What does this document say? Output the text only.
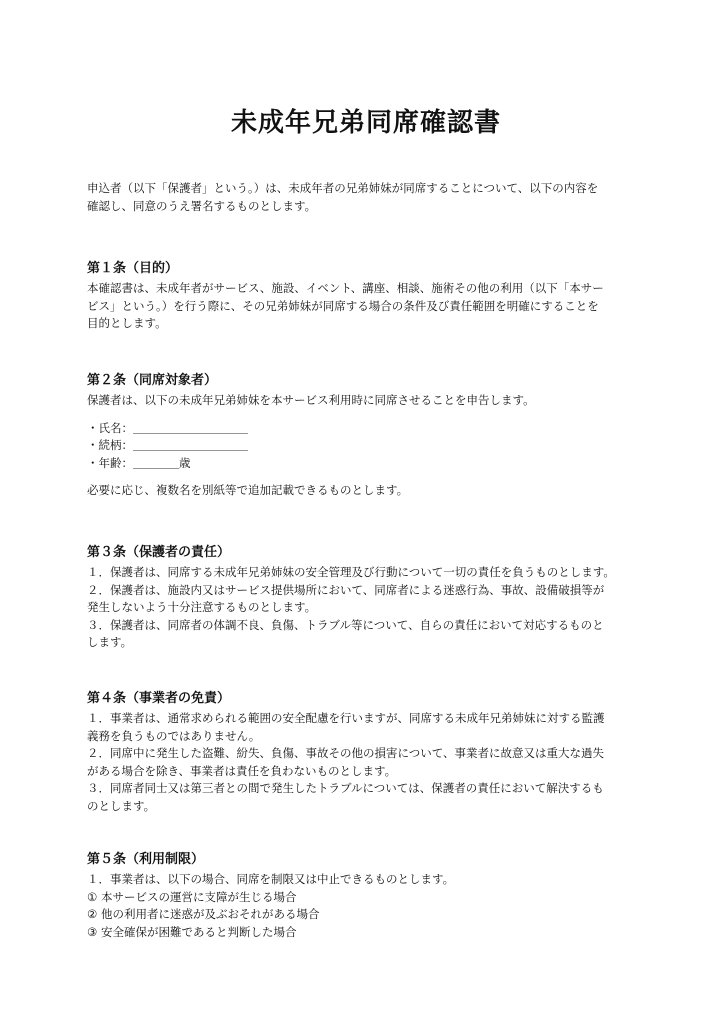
未成年兄弟同席確認書
申込者（以下「保護者」という。）は、未成年者の兄弟姉妹が同席することについて、以下の内容を
確認し、同意のうえ署名するものとします。
第１条（目的）
本確認書は、未成年者がサービス、施設、イベント、講座、相談、施術その他の利用（以下「本サー
ビス」という。）を行う際に、その兄弟姉妹が同席する場合の条件及び責任範囲を明確にすることを
目的とします。
第２条（同席対象者）
保護者は、以下の未成年兄弟姉妹を本サービス利用時に同席させることを申告します。
・氏名：＿＿＿＿＿＿＿＿＿＿
・続柄：＿＿＿＿＿＿＿＿＿＿
・年齢：＿＿＿＿歳
必要に応じ、複数名を別紙等で追加記載できるものとします。
第３条（保護者の責任）
１．保護者は、同席する未成年兄弟姉妹の安全管理及び行動について一切の責任を負うものとします。
２．保護者は、施設内又はサービス提供場所において、同席者による迷惑行為、事故、設備破損等が
発生しないよう十分注意するものとします。
３．保護者は、同席者の体調不良、負傷、トラブル等について、自らの責任において対応するものと
します。
第４条（事業者の免責）
１．事業者は、通常求められる範囲の安全配慮を行いますが、同席する未成年兄弟姉妹に対する監護
義務を負うものではありません。
２．同席中に発生した盗難、紛失、負傷、事故その他の損害について、事業者に故意又は重大な過失
がある場合を除き、事業者は責任を負わないものとします。
３．同席者同士又は第三者との間で発生したトラブルについては、保護者の責任において解決するも
のとします。
第５条（利用制限）
１．事業者は、以下の場合、同席を制限又は中止できるものとします。
① 本サービスの運営に支障が生じる場合
② 他の利用者に迷惑が及ぶおそれがある場合
③ 安全確保が困難であると判断した場合
